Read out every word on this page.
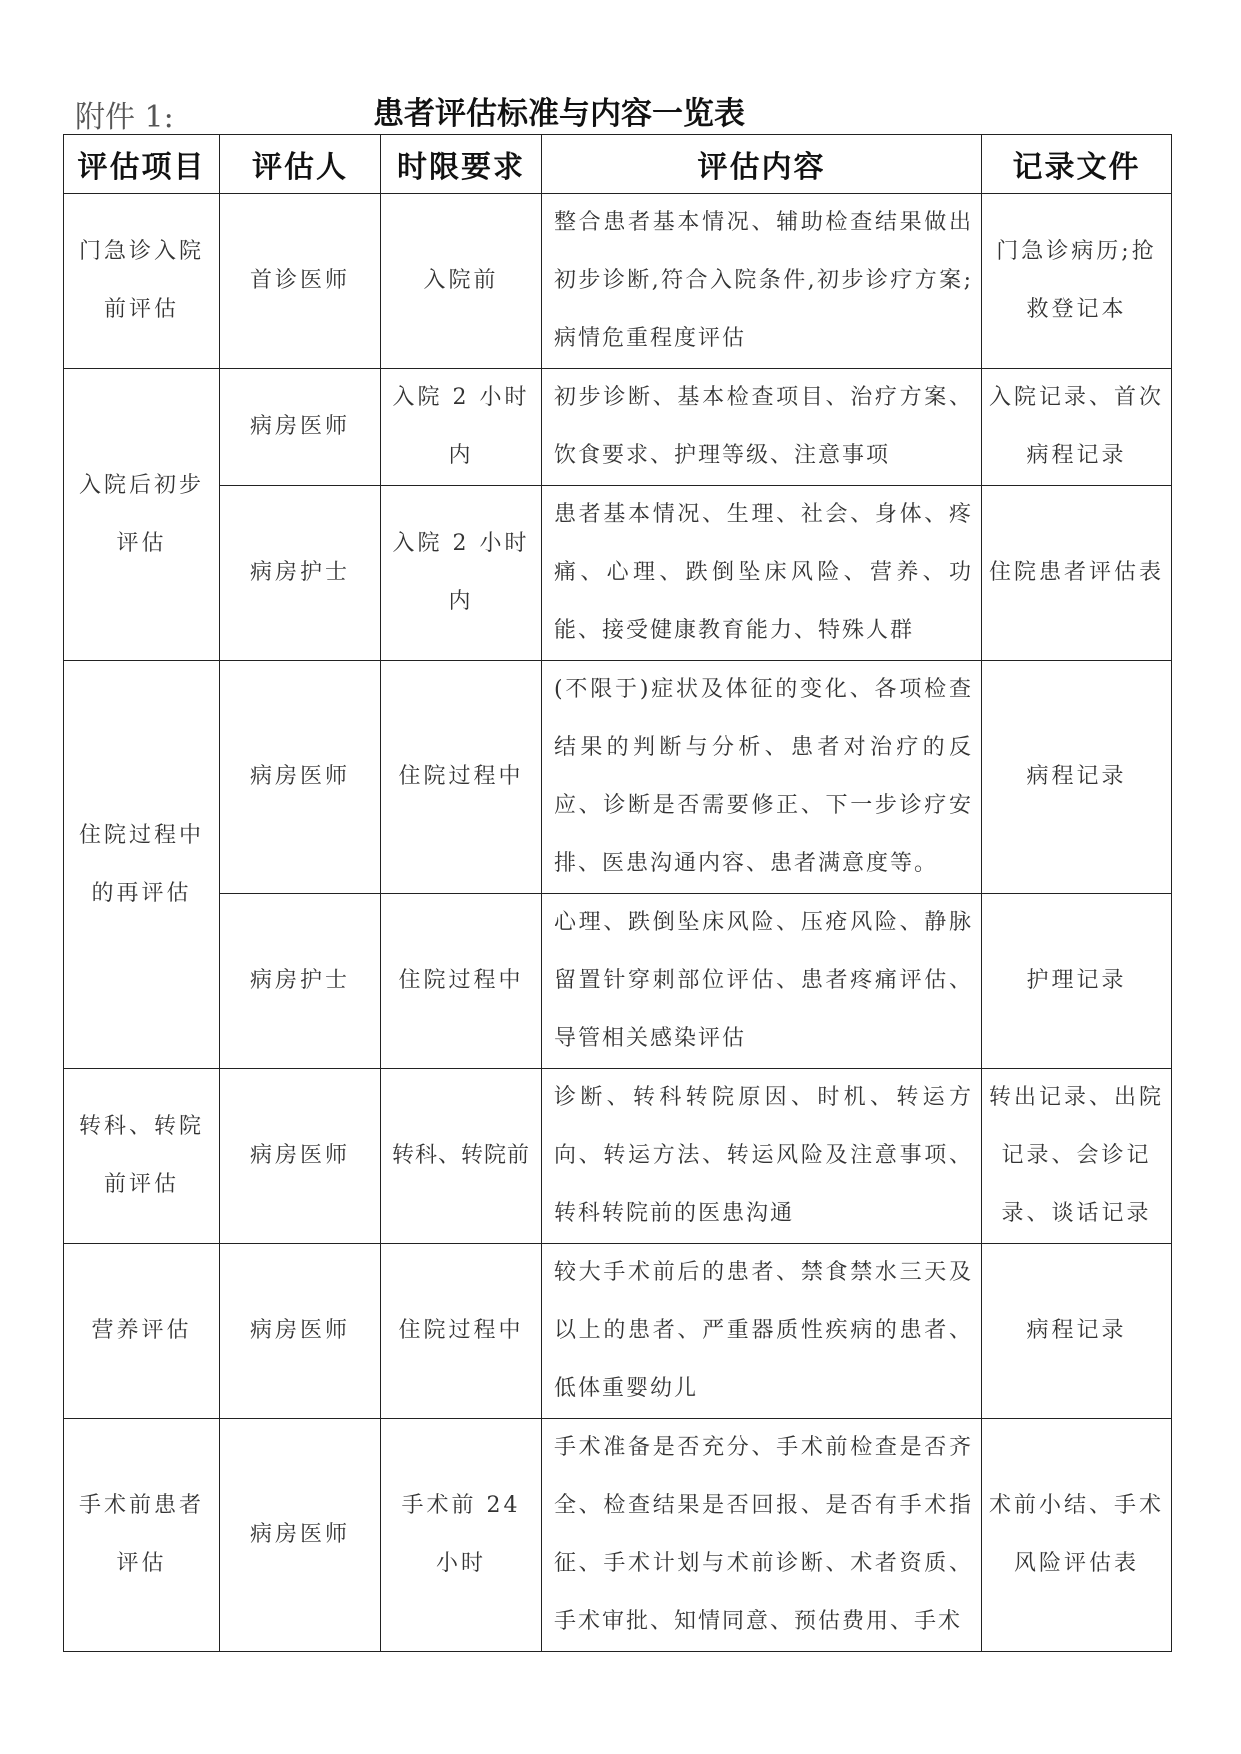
附件 1:	患者评估标准与内容一览表
评估项目	评估人	时限要求	评估内容	记录文件

门急诊入院前评估	首诊医师	入院前	整合患者基本情况、辅助检查结果做出初步诊断,符合入院条件,初步诊疗方案;病情危重程度评估	门急诊病历;抢救登记本

入院后初步评估	病房医师	入院 2 小时内	初步诊断、基本检查项目、治疗方案、饮食要求、护理等级、注意事项	入院记录、首次病程记录

	病房护士	入院 2 小时内	患者基本情况、生理、社会、身体、疼痛、心理、跌倒坠床风险、营养、功能、接受健康教育能力、特殊人群	住院患者评估表

住院过程中的再评估	病房医师	住院过程中	(不限于)症状及体征的变化、各项检查结果的判断与分析、患者对治疗的反应、诊断是否需要修正、下一步诊疗安排、医患沟通内容、患者满意度等。	病程记录
	病房护士	住院过程中	心理、跌倒坠床风险、压疮风险、静脉留置针穿刺部位评估、患者疼痛评估、导管相关感染评估	护理记录

转科、转院前评估	病房医师	转科、转院前	诊断、转科转院原因、时机、转运方向、转运方法、转运风险及注意事项、转科转院前的医患沟通	转出记录、出院记录、会诊记录、谈话记录

营养评估	病房医师	住院过程中	较大手术前后的患者、禁食禁水三天及以上的患者、严重器质性疾病的患者、低体重婴幼儿	病程记录

手术前患者评估	病房医师	手术前 24 小时	手术准备是否充分、手术前检查是否齐全、检查结果是否回报、是否有手术指征、手术计划与术前诊断、术者资质、手术审批、知情同意、预估费用、手术	术前小结、手术风险评估表
